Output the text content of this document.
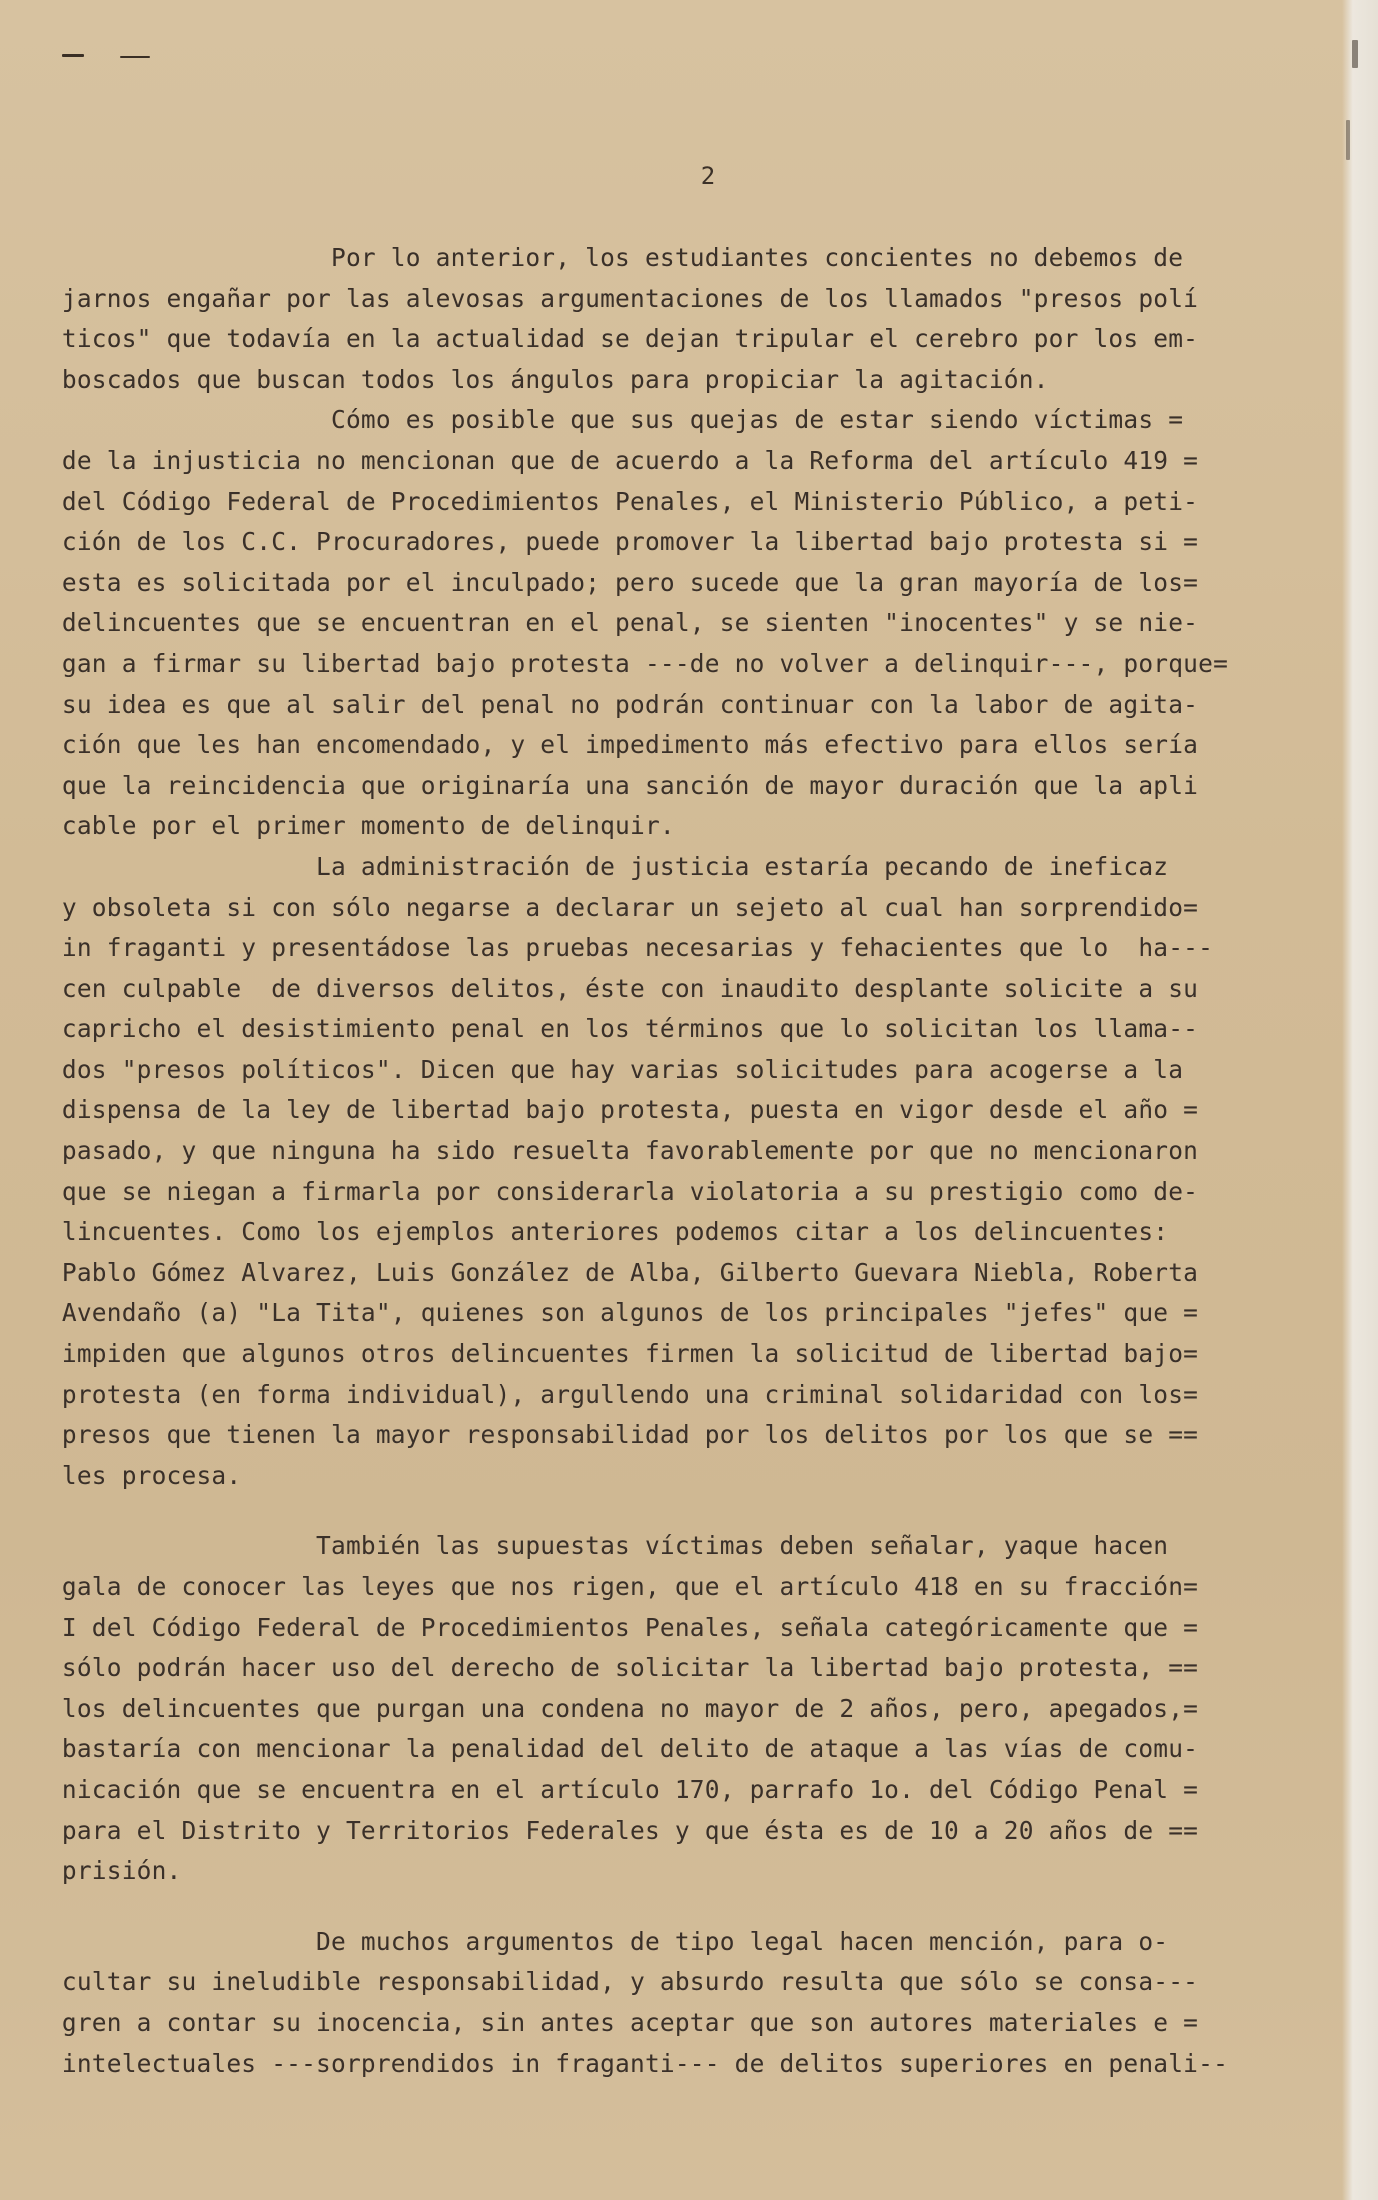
2
Por lo anterior, los estudiantes concientes no debemos de
jarnos engañar por las alevosas argumentaciones de los llamados "presos polí
ticos" que todavía en la actualidad se dejan tripular el cerebro por los em-
boscados que buscan todos los ángulos para propiciar la agitación.
Cómo es posible que sus quejas de estar siendo víctimas =
de la injusticia no mencionan que de acuerdo a la Reforma del artículo 419 =
del Código Federal de Procedimientos Penales, el Ministerio Público, a peti-
ción de los C.C. Procuradores, puede promover la libertad bajo protesta si =
esta es solicitada por el inculpado; pero sucede que la gran mayoría de los=
delincuentes que se encuentran en el penal, se sienten "inocentes" y se nie-
gan a firmar su libertad bajo protesta ---de no volver a delinquir---, porque=
su idea es que al salir del penal no podrán continuar con la labor de agita-
ción que les han encomendado, y el impedimento más efectivo para ellos sería
que la reincidencia que originaría una sanción de mayor duración que la apli
cable por el primer momento de delinquir.
La administración de justicia estaría pecando de ineficaz
y obsoleta si con sólo negarse a declarar un sejeto al cual han sorprendido=
in fraganti y presentádose las pruebas necesarias y fehacientes que lo  ha---
cen culpable  de diversos delitos, éste con inaudito desplante solicite a su
capricho el desistimiento penal en los términos que lo solicitan los llama--
dos "presos políticos". Dicen que hay varias solicitudes para acogerse a la
dispensa de la ley de libertad bajo protesta, puesta en vigor desde el año =
pasado, y que ninguna ha sido resuelta favorablemente por que no mencionaron
que se niegan a firmarla por considerarla violatoria a su prestigio como de-
lincuentes. Como los ejemplos anteriores podemos citar a los delincuentes:
Pablo Gómez Alvarez, Luis González de Alba, Gilberto Guevara Niebla, Roberta
Avendaño (a) "La Tita", quienes son algunos de los principales "jefes" que =
impiden que algunos otros delincuentes firmen la solicitud de libertad bajo=
protesta (en forma individual), argullendo una criminal solidaridad con los=
presos que tienen la mayor responsabilidad por los delitos por los que se ==
les procesa.
También las supuestas víctimas deben señalar, yaque hacen
gala de conocer las leyes que nos rigen, que el artículo 418 en su fracción=
I del Código Federal de Procedimientos Penales, señala categóricamente que =
sólo podrán hacer uso del derecho de solicitar la libertad bajo protesta, ==
los delincuentes que purgan una condena no mayor de 2 años, pero, apegados,=
bastaría con mencionar la penalidad del delito de ataque a las vías de comu-
nicación que se encuentra en el artículo 170, parrafo 1o. del Código Penal =
para el Distrito y Territorios Federales y que ésta es de 10 a 20 años de ==
prisión.
De muchos argumentos de tipo legal hacen mención, para o-
cultar su ineludible responsabilidad, y absurdo resulta que sólo se consa---
gren a contar su inocencia, sin antes aceptar que son autores materiales e =
intelectuales ---sorprendidos in fraganti--- de delitos superiores en penali--
